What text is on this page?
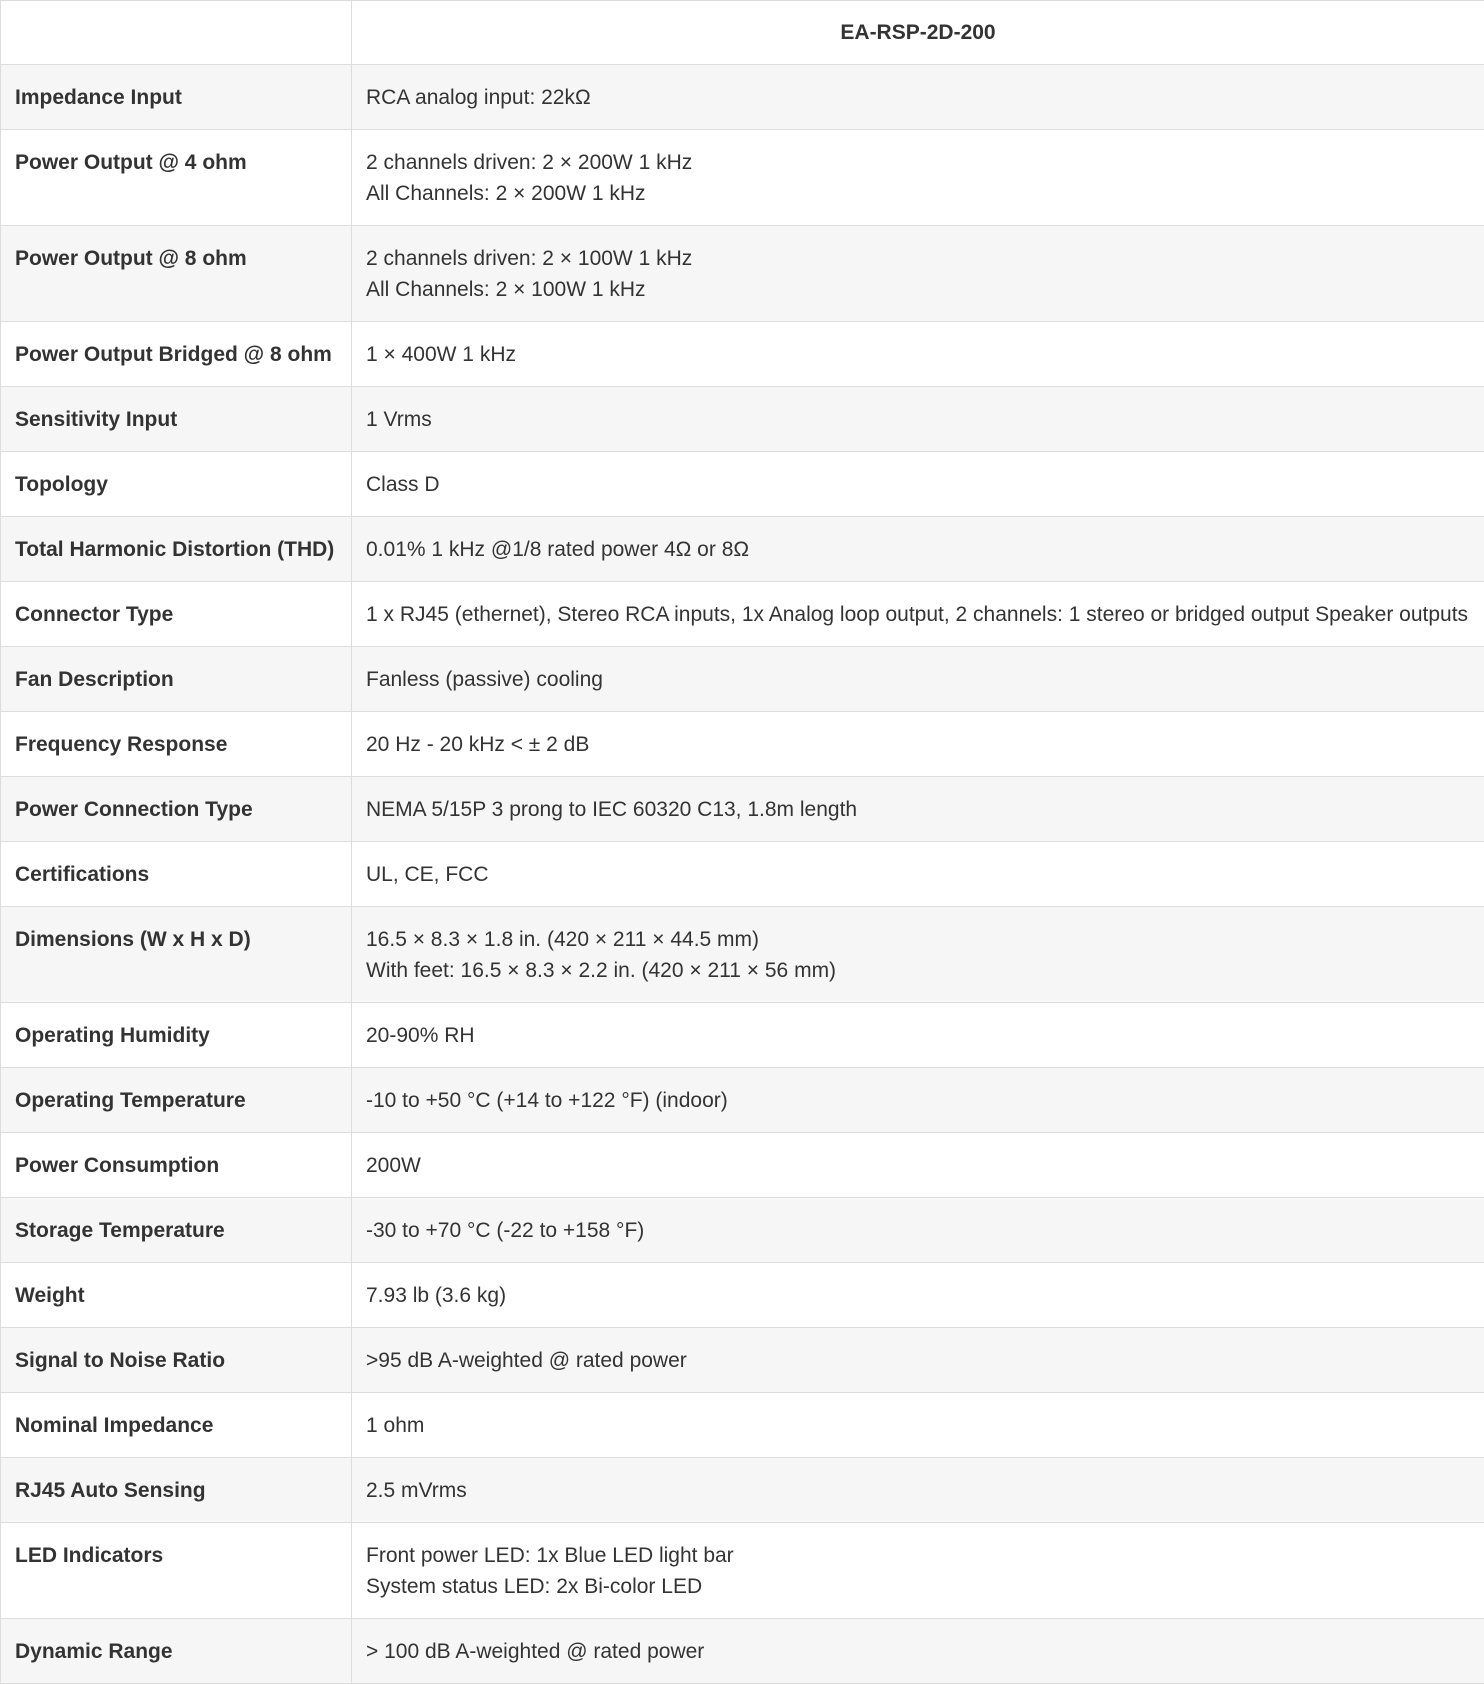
	EA-RSP-2D-200
Impedance Input	RCA analog input: 22kΩ

Power Output @ 4 ohm	2 channels driven: 2 × 200W 1 kHz
All Channels: 2 × 200W 1 kHz

Power Output @ 8 ohm	2 channels driven: 2 × 100W 1 kHz
All Channels: 2 × 100W 1 kHz

Power Output Bridged @ 8 ohm	1 × 400W 1 kHz

Sensitivity Input	1 Vrms

Topology	Class D

Total Harmonic Distortion (THD)	0.01% 1 kHz @1/8 rated power 4Ω or 8Ω

Connector Type	1 x RJ45 (ethernet), Stereo RCA inputs, 1x Analog loop output, 2 channels: 1 stereo or bridged output Speaker outputs

Fan Description	Fanless (passive) cooling

Frequency Response	20 Hz - 20 kHz < ± 2 dB

Power Connection Type	NEMA 5/15P 3 prong to IEC 60320 C13, 1.8m length

Certifications	UL, CE, FCC

Dimensions (W x H x D)	16.5 × 8.3 × 1.8 in. (420 × 211 × 44.5 mm)
With feet: 16.5 × 8.3 × 2.2 in. (420 × 211 × 56 mm)

Operating Humidity	20-90% RH

Operating Temperature	-10 to +50 °C (+14 to +122 °F) (indoor)

Power Consumption	200W

Storage Temperature	-30 to +70 °C (-22 to +158 °F)

Weight	7.93 lb (3.6 kg)

Signal to Noise Ratio	>95 dB A-weighted @ rated power

Nominal Impedance	1 ohm

RJ45 Auto Sensing	2.5 mVrms

LED Indicators	Front power LED: 1x Blue LED light bar
System status LED: 2x Bi-color LED

Dynamic Range	> 100 dB A-weighted @ rated power
